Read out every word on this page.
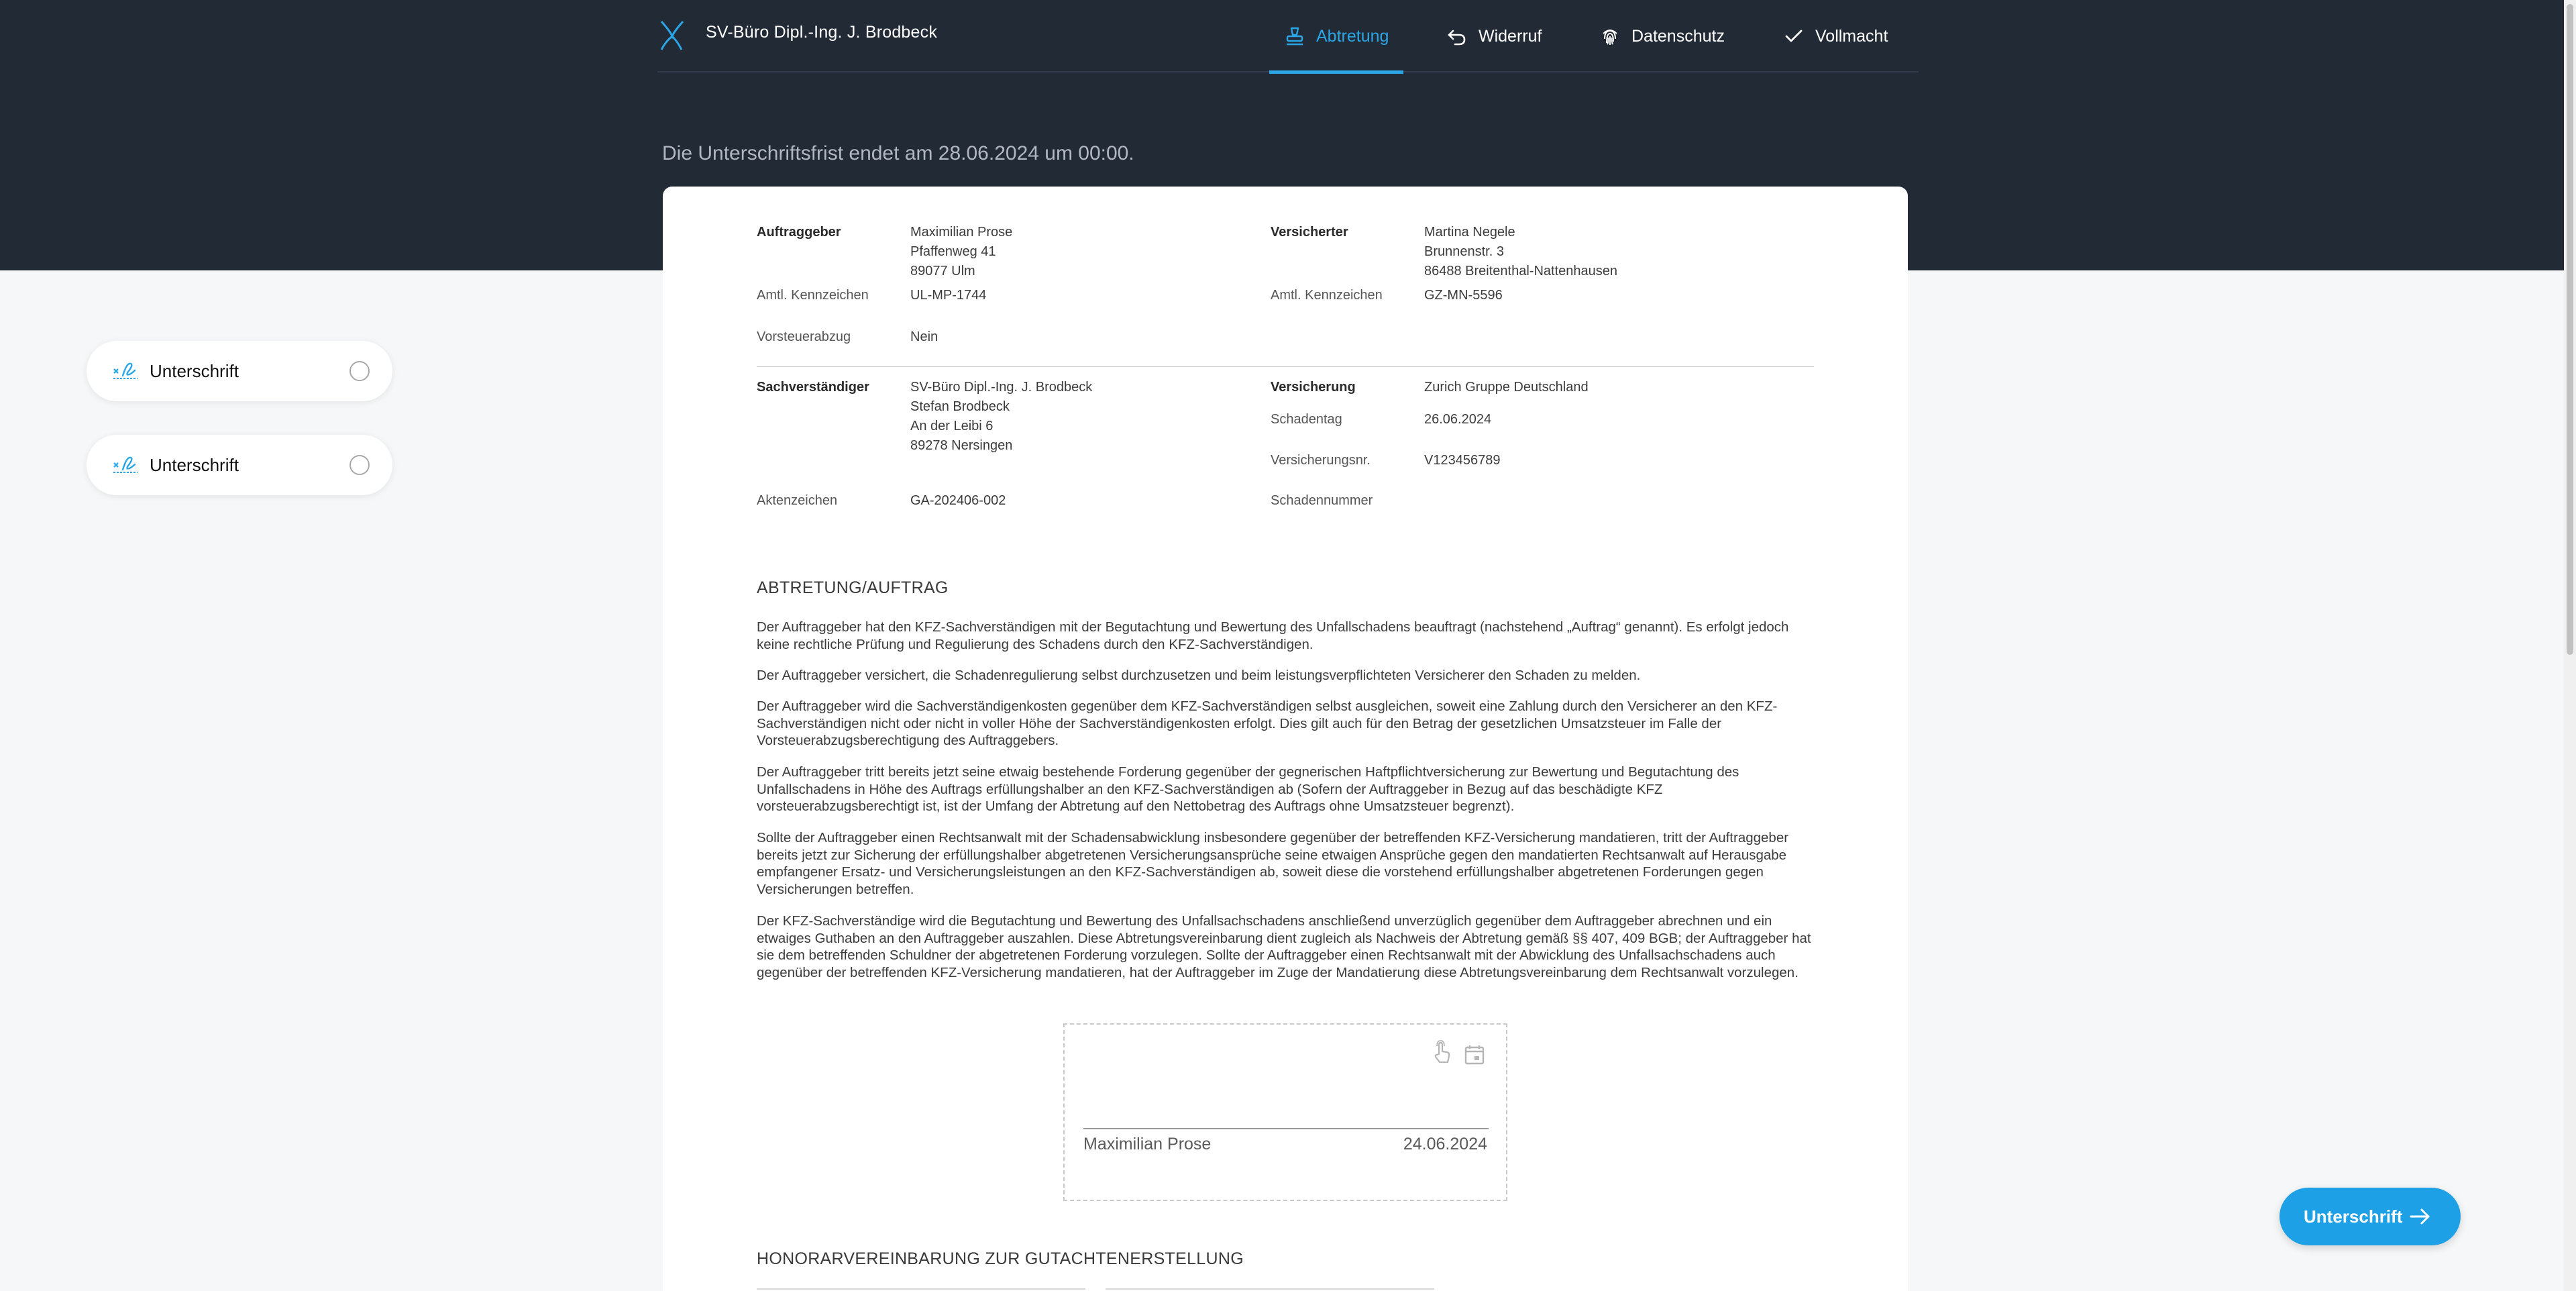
SV-Büro Dipl.-Ing. J. Brodbeck	Abtretung	Widerruf	Datenschutz	Vollmacht
Die Unterschriftsfrist endet am 28.06.2024 um 00:00.
Unterschrift
Unterschrift
Auftraggeber	Maximilian Prose
Pfaffenweg 41
89077 Ulm
Amtl. Kennzeichen	UL-MP-1744
Vorsteuerabzug	Nein
Versicherter	Martina Negele
Brunnenstr. 3
86488 Breitenthal-Nattenhausen
Amtl. Kennzeichen	GZ-MN-5596
Sachverständiger	SV-Büro Dipl.-Ing. J. Brodbeck
Stefan Brodbeck
An der Leibi 6
89278 Nersingen
Aktenzeichen	GA-202406-002
Versicherung	Zurich Gruppe Deutschland
Schadentag	26.06.2024
Versicherungsnr.	V123456789
Schadennummer
ABTRETUNG/AUFTRAG
Der Auftraggeber hat den KFZ-Sachverständigen mit der Begutachtung und Bewertung des Unfallschadens beauftragt (nachstehend „Auftrag“ genannt). Es erfolgt jedoch keine rechtliche Prüfung und Regulierung des Schadens durch den KFZ-Sachverständigen.
Der Auftraggeber versichert, die Schadenregulierung selbst durchzusetzen und beim leistungsverpflichteten Versicherer den Schaden zu melden.
Der Auftraggeber wird die Sachverständigenkosten gegenüber dem KFZ-Sachverständigen selbst ausgleichen, soweit eine Zahlung durch den Versicherer an den KFZ-Sachverständigen nicht oder nicht in voller Höhe der Sachverständigenkosten erfolgt. Dies gilt auch für den Betrag der gesetzlichen Umsatzsteuer im Falle der Vorsteuerabzugsberechtigung des Auftraggebers.
Der Auftraggeber tritt bereits jetzt seine etwaig bestehende Forderung gegenüber der gegnerischen Haftpflichtversicherung zur Bewertung und Begutachtung des Unfallschadens in Höhe des Auftrags erfüllungshalber an den KFZ-Sachverständigen ab (Sofern der Auftraggeber in Bezug auf das beschädigte KFZ vorsteuerabzugsberechtigt ist, ist der Umfang der Abtretung auf den Nettobetrag des Auftrags ohne Umsatzsteuer begrenzt).
Sollte der Auftraggeber einen Rechtsanwalt mit der Schadensabwicklung insbesondere gegenüber der betreffenden KFZ-Versicherung mandatieren, tritt der Auftraggeber bereits jetzt zur Sicherung der erfüllungshalber abgetretenen Versicherungsansprüche seine etwaigen Ansprüche gegen den mandatierten Rechtsanwalt auf Herausgabe empfangener Ersatz- und Versicherungsleistungen an den KFZ-Sachverständigen ab, soweit diese die vorstehend erfüllungshalber abgetretenen Forderungen gegen Versicherungen betreffen.
Der KFZ-Sachverständige wird die Begutachtung und Bewertung des Unfallsachschadens anschließend unverzüglich gegenüber dem Auftraggeber abrechnen und ein etwaiges Guthaben an den Auftraggeber auszahlen. Diese Abtretungsvereinbarung dient zugleich als Nachweis der Abtretung gemäß §§ 407, 409 BGB; der Auftraggeber hat sie dem betreffenden Schuldner der abgetretenen Forderung vorzulegen. Sollte der Auftraggeber einen Rechtsanwalt mit der Abwicklung des Unfallsachschadens auch gegenüber der betreffenden KFZ-Versicherung mandatieren, hat der Auftraggeber im Zuge der Mandatierung diese Abtretungsvereinbarung dem Rechtsanwalt vorzulegen.
Maximilian Prose	24.06.2024
HONORARVEREINBARUNG ZUR GUTACHTENERSTELLUNG
Unterschrift
